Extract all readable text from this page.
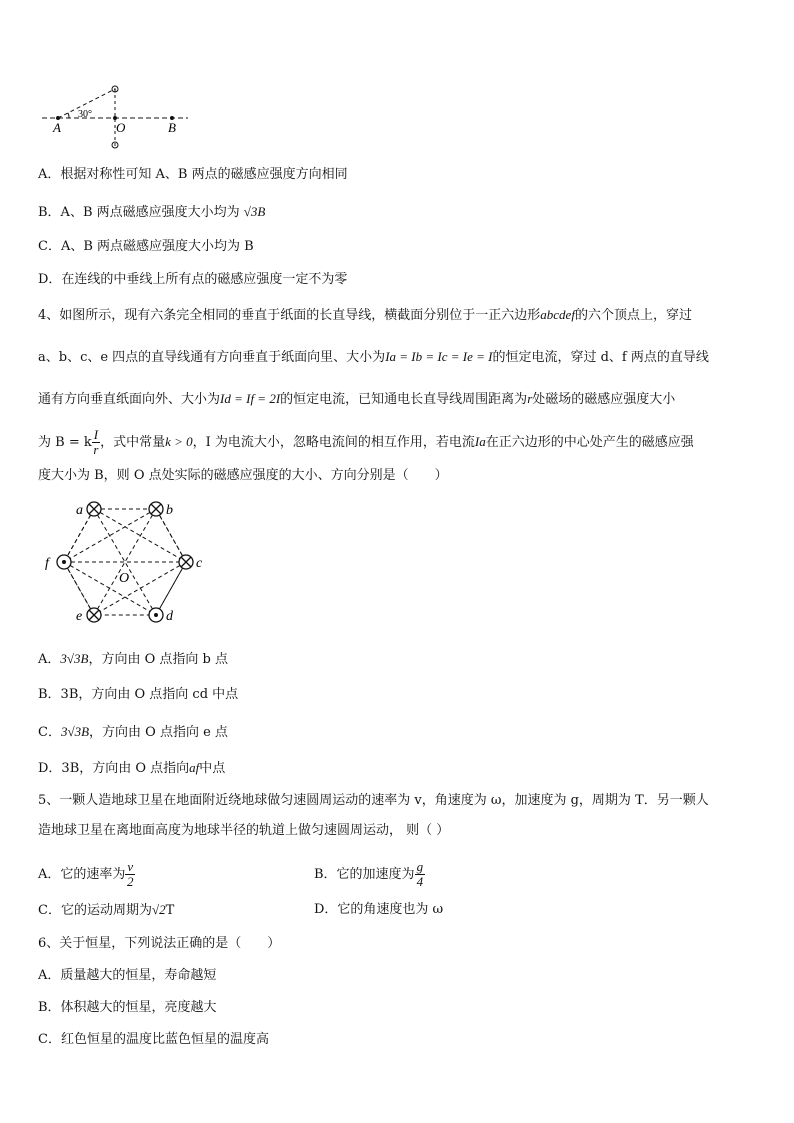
30°
A	O	B
A．根据对称性可知 A、B 两点的磁感应强度方向相同
B．A、B 两点磁感应强度大小均为 √3B
C．A、B 两点磁感应强度大小均为 B
D．在连线的中垂线上所有点的磁感应强度一定不为零
4、如图所示，现有六条完全相同的垂直于纸面的长直导线，横截面分别位于一正六边形abcdef的六个顶点上，穿过
a、b、c、e 四点的直导线通有方向垂直于纸面向里、大小为Ia = Ib = Ic = Ie = I的恒定电流，穿过 d、f 两点的直导线
通有方向垂直纸面向外、大小为Id = If = 2I的恒定电流，已知通电长直导线周围距离为r处磁场的磁感应强度大小
为 B = k $\frac{I}{r}$ ，式中常量k > 0，I 为电流大小，忽略电流间的相互作用，若电流Ia在正六边形的中心处产生的磁感应强
度大小为 B，则 O 点处实际的磁感应强度的大小、方向分别是（　　）
a	b
c
d
e
f
O
A．3√3B，方向由 O 点指向 b 点
B．3B，方向由 O 点指向 cd 中点
C．3√3B，方向由 O 点指向 e 点
D．3B，方向由 O 点指向af中点
5、一颗人造地球卫星在地面附近绕地球做匀速圆周运动的速率为 v，角速度为 ω，加速度为 g，周期为 T．另一颗人
造地球卫星在离地面高度为地球半径的轨道上做匀速圆周运动， 则（ ）
A．它的速率为 $\frac{v}{2}$	B．它的加速度为 $\frac{g}{4}$
C．它的运动周期为√2T	D．它的角速度也为 ω
6、关于恒星，下列说法正确的是（　　）
A．质量越大的恒星，寿命越短
B．体积越大的恒星，亮度越大
C．红色恒星的温度比蓝色恒星的温度高
